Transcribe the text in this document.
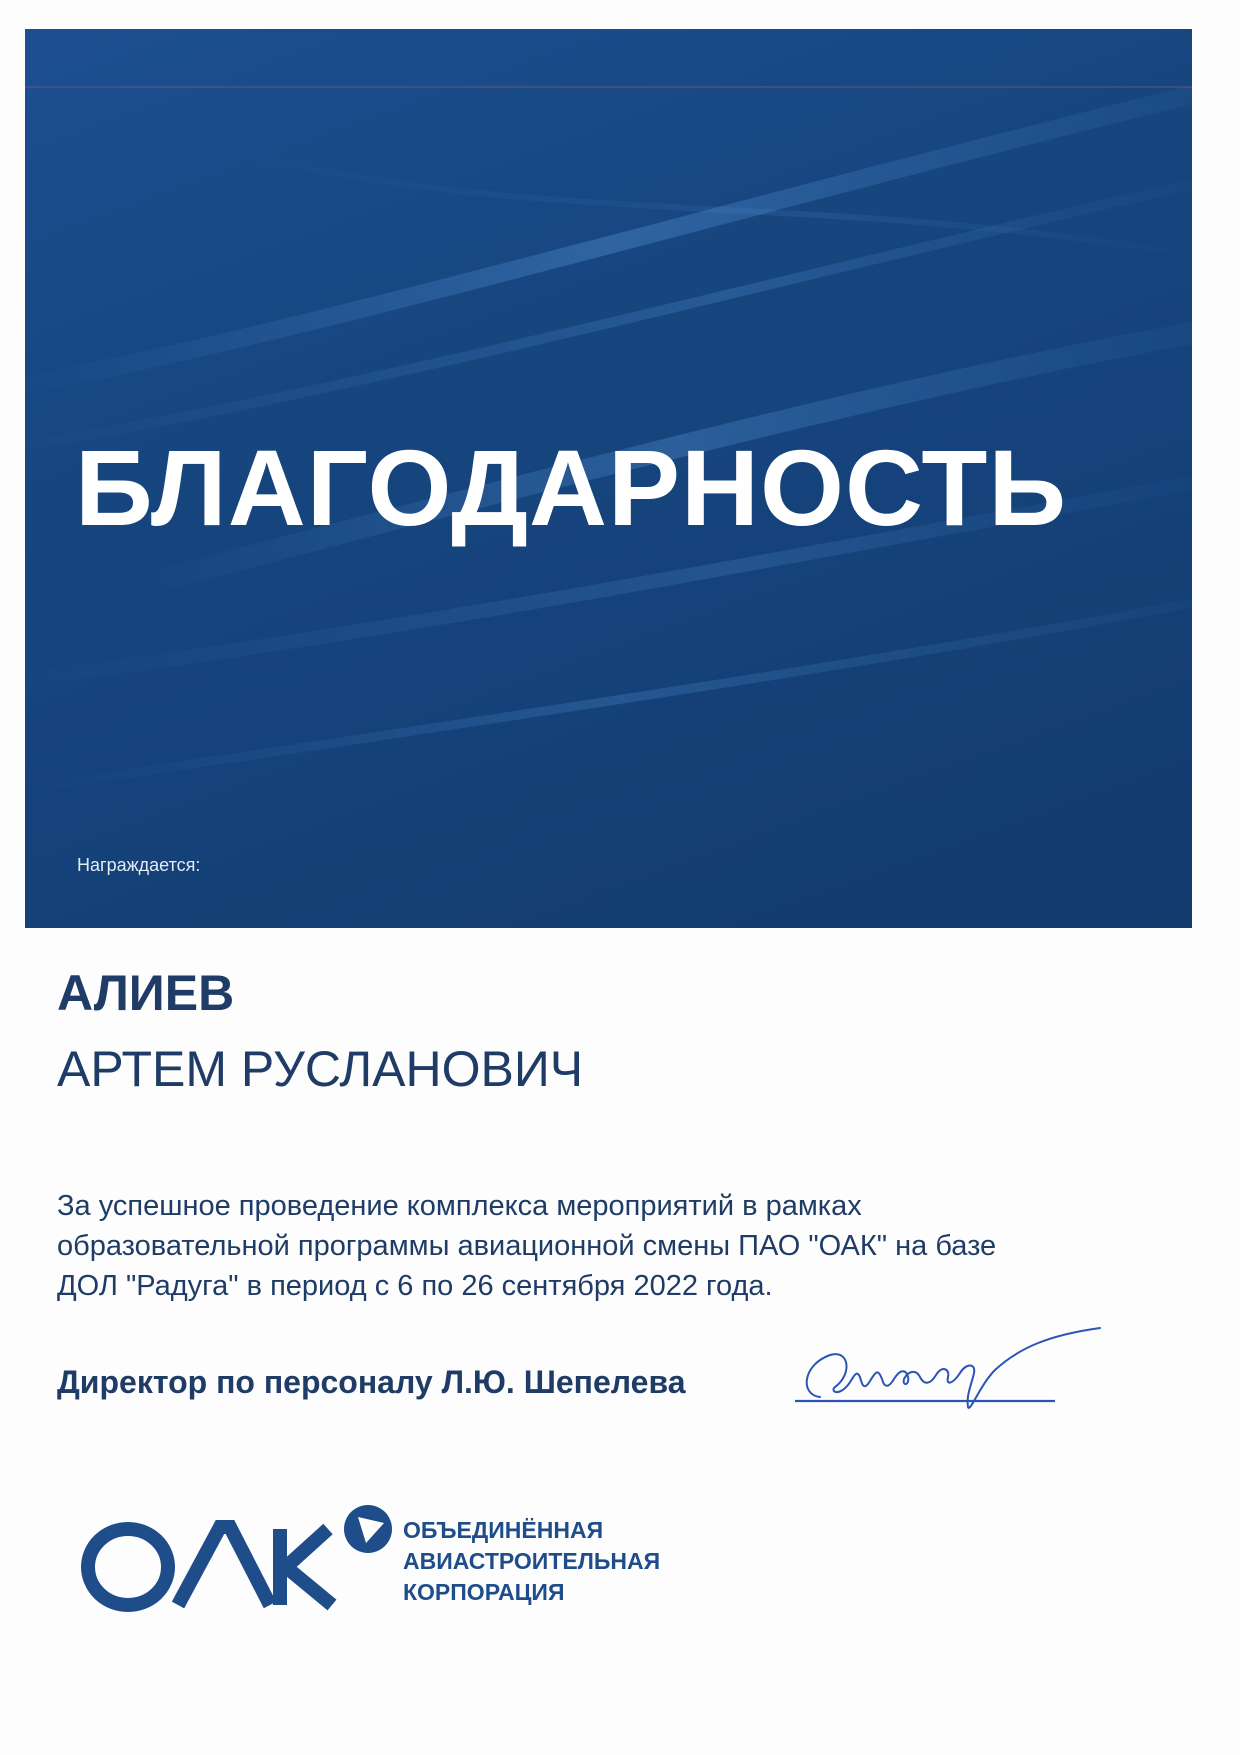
БЛАГОДАРНОСТЬ
Награждается:
АЛИЕВ
АРТЕМ РУСЛАНОВИЧ
За успешное проведение комплекса мероприятий в рамках
образовательной программы авиационной смены ПАО "ОАК" на базе
ДОЛ "Радуга" в период с 6 по 26 сентября 2022 года.
Директор по персоналу Л.Ю. Шепелева
ОБЪЕДИНЁННАЯ
АВИАСТРОИТЕЛЬНАЯ
КОРПОРАЦИЯ
